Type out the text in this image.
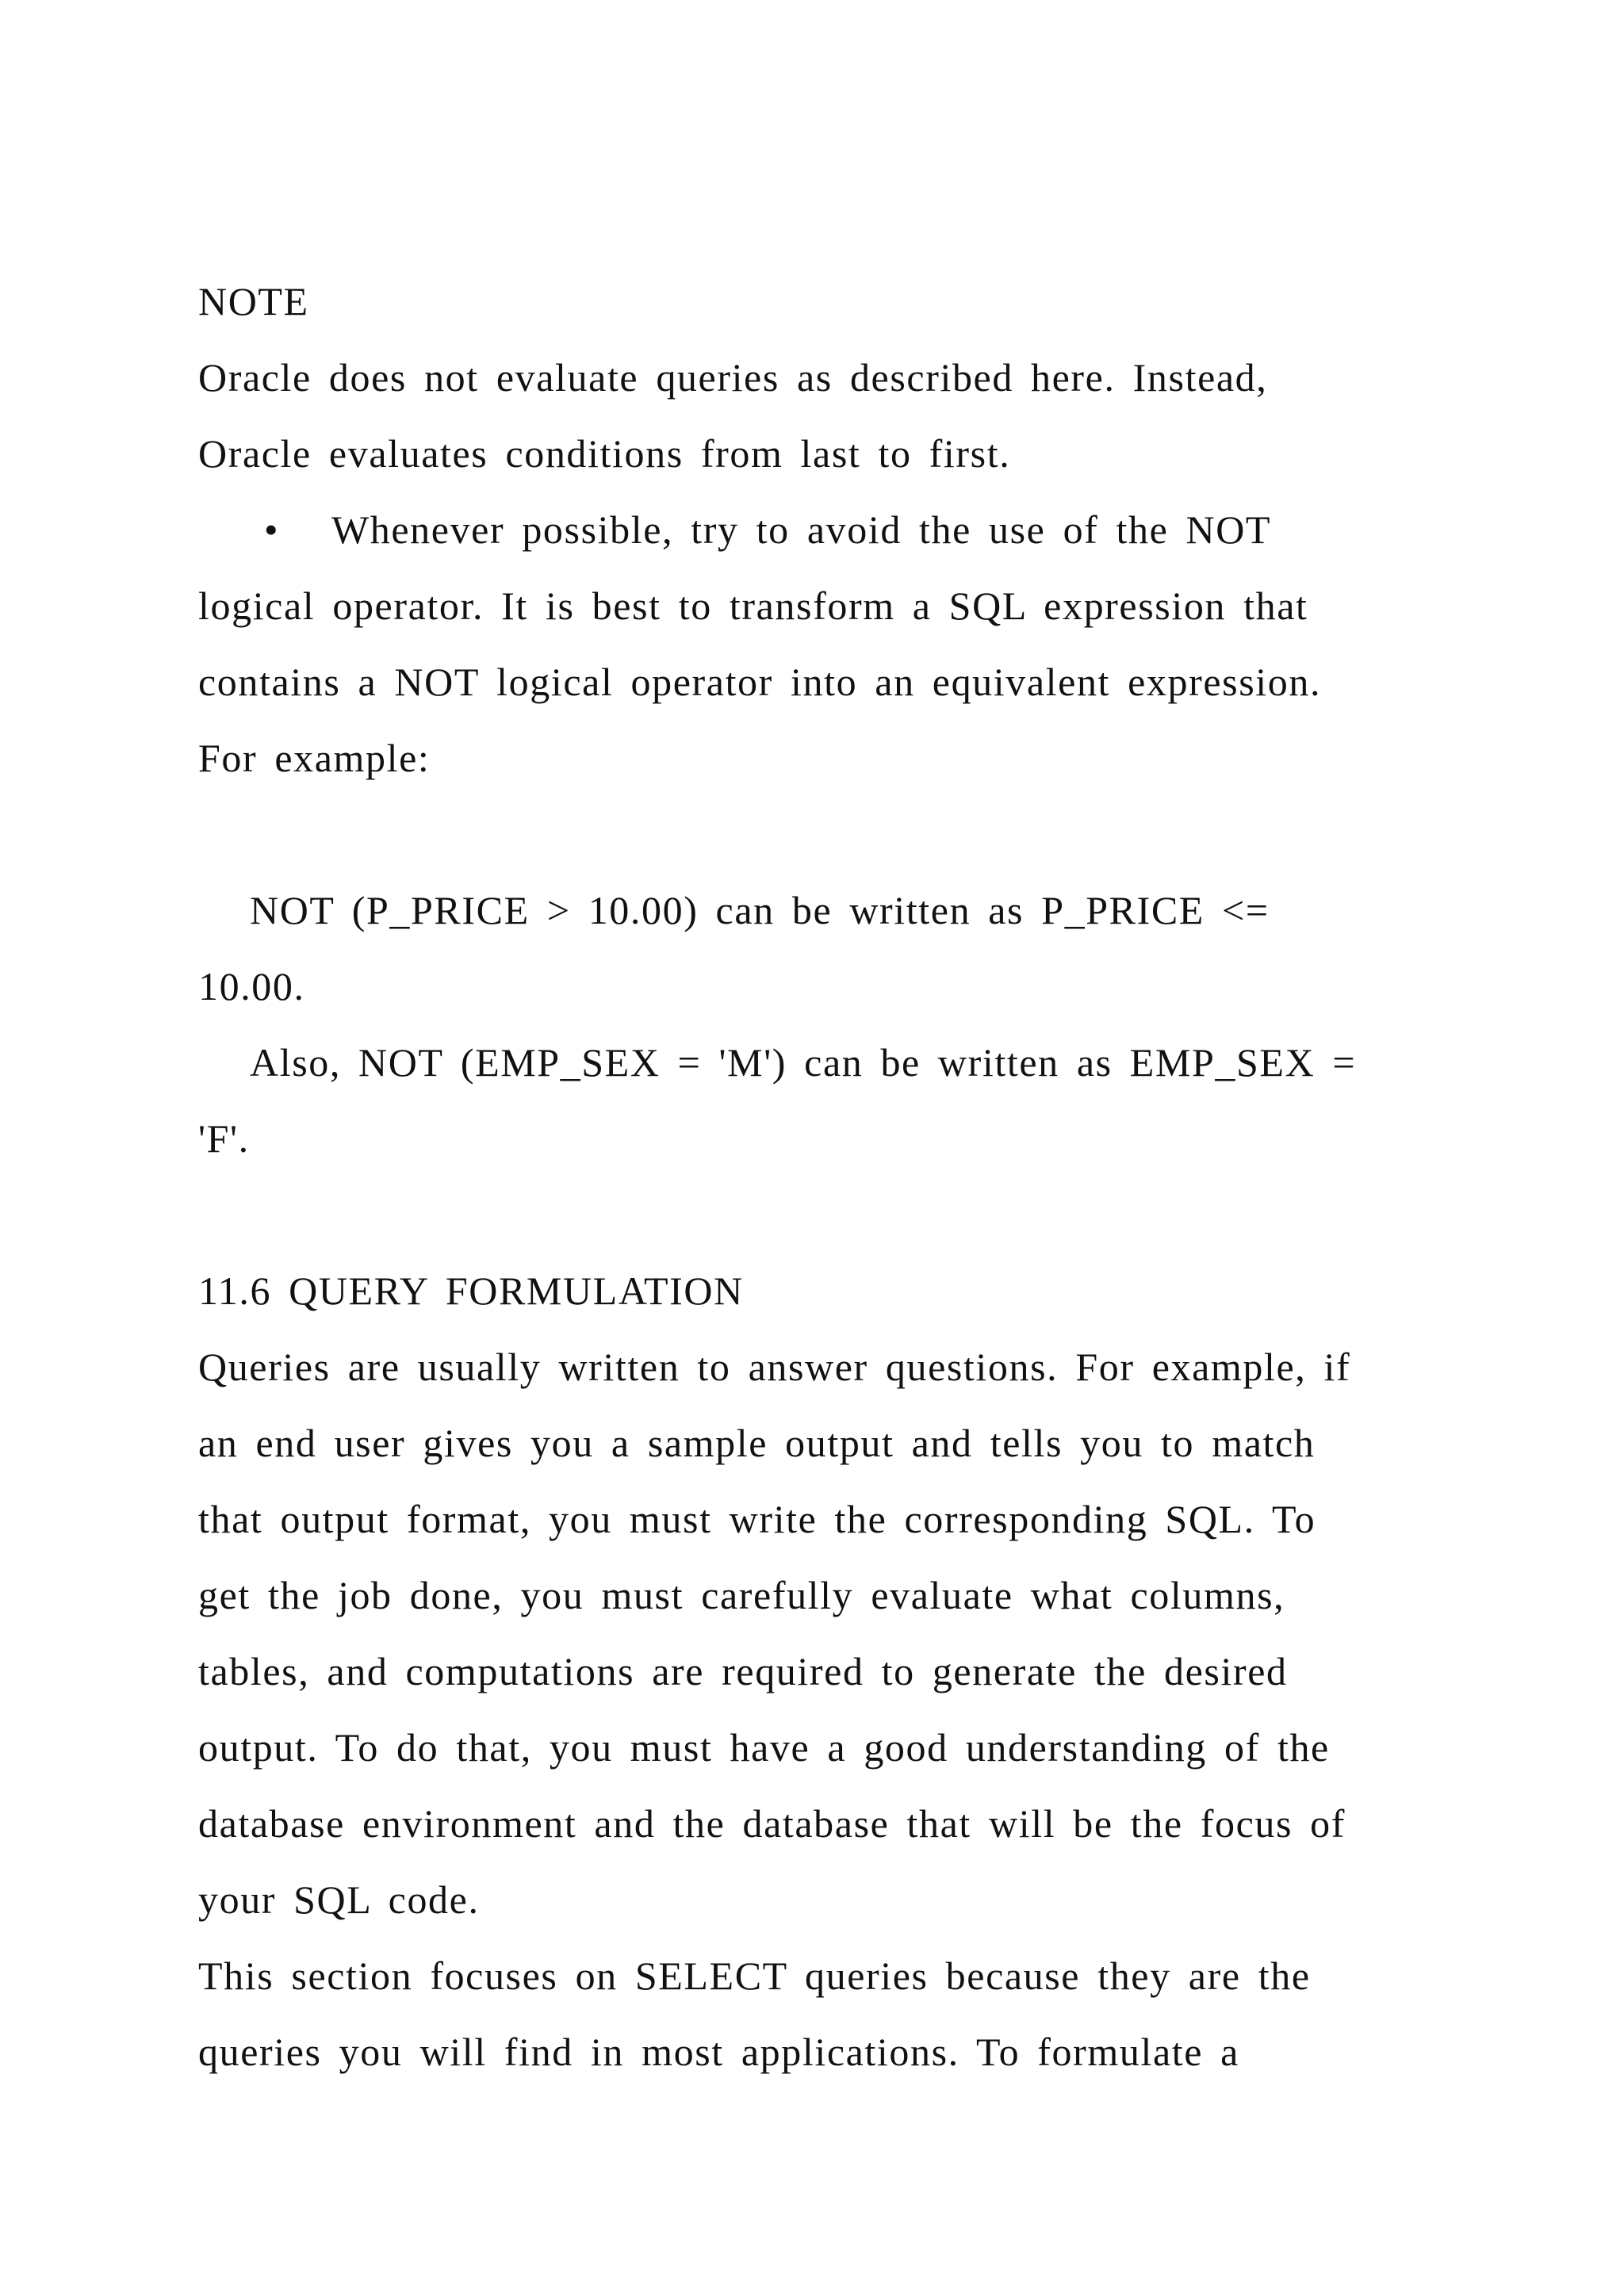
NOTE

Oracle does not evaluate queries as described here. Instead,

Oracle evaluates conditions from last to first.

•

Whenever possible, try to avoid the use of the NOT

logical operator. It is best to transform a SQL expression that

contains a NOT logical operator into an equivalent expression.

For example:

NOT (P_PRICE > 10.00) can be written as P_PRICE <=

10.00.

Also, NOT (EMP_SEX = 'M') can be written as EMP_SEX =

'F'.

11.6 QUERY FORMULATION

Queries are usually written to answer questions. For example, if

an end user gives you a sample output and tells you to match

that output format, you must write the corresponding SQL. To

get the job done, you must carefully evaluate what columns,

tables, and computations are required to generate the desired

output. To do that, you must have a good understanding of the

database environment and the database that will be the focus of

your SQL code.

This section focuses on SELECT queries because they are the

queries you will find in most applications. To formulate a
